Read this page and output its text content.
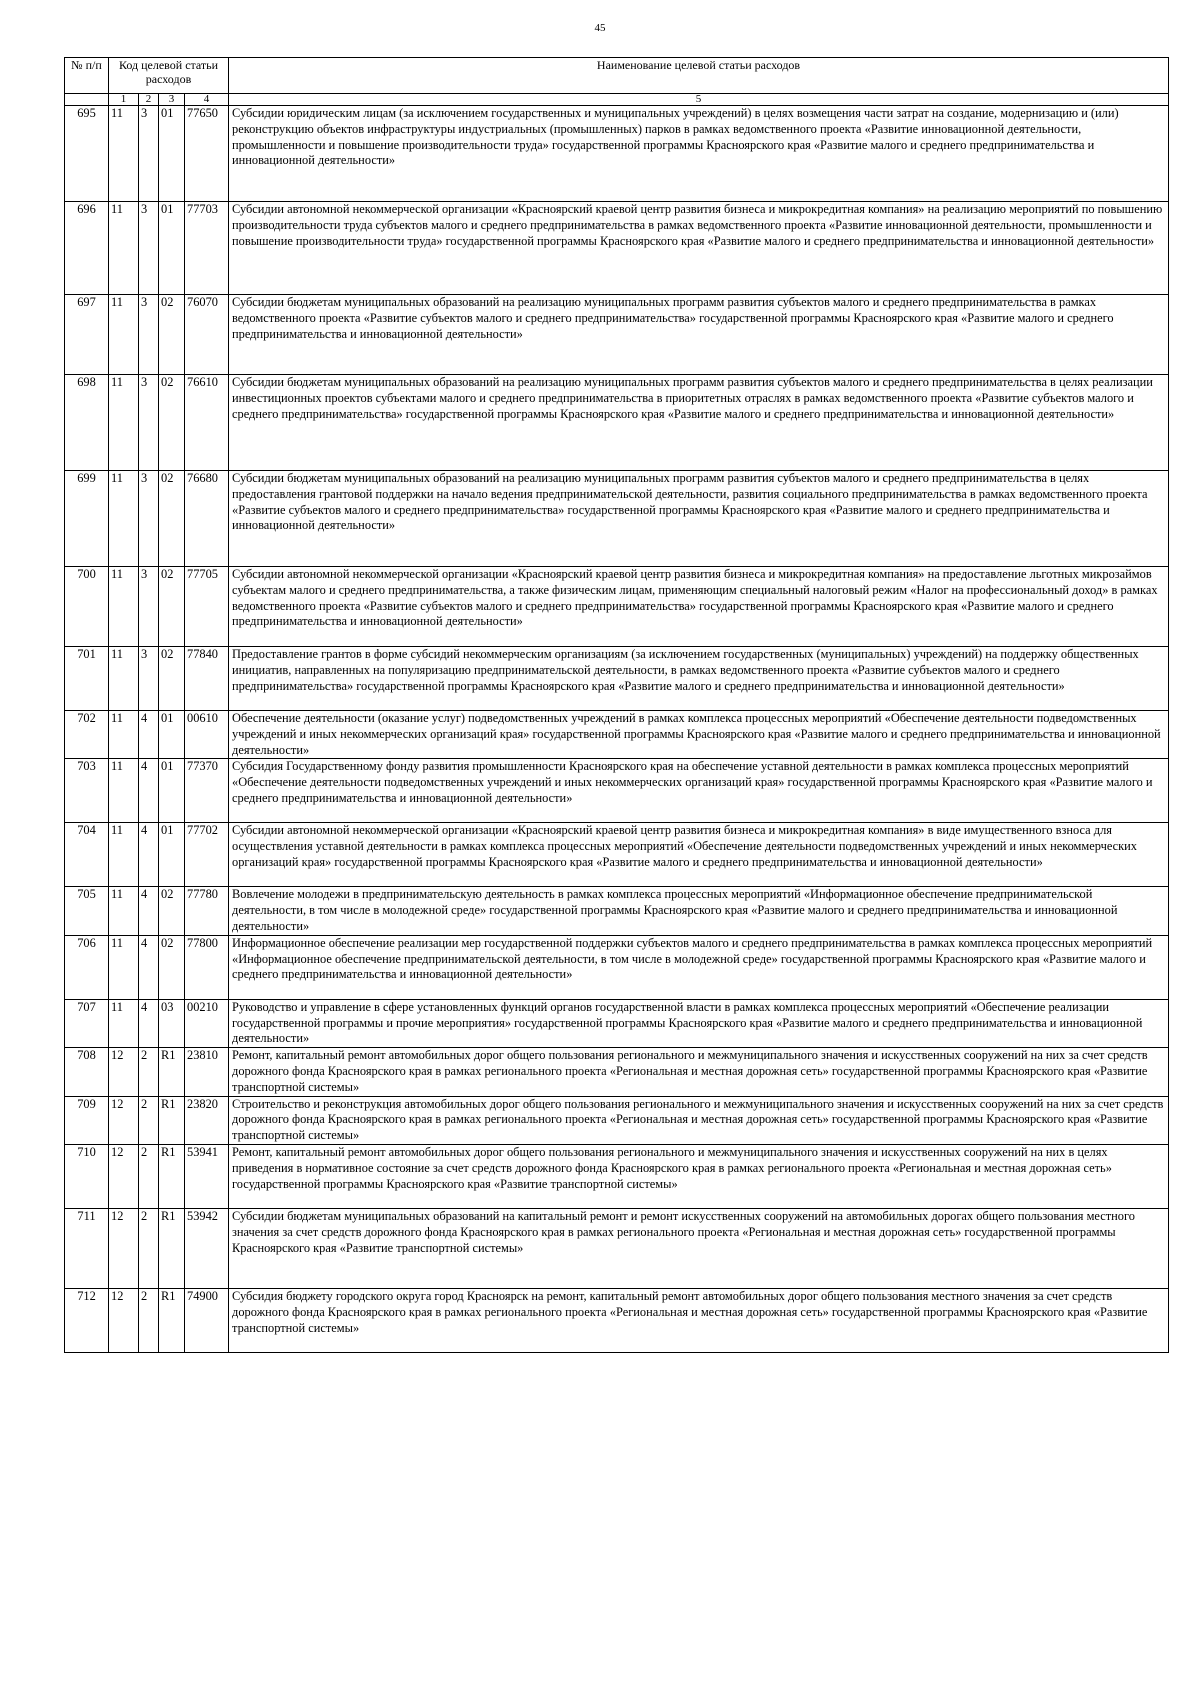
45
№ п/п	Код целевой статьи расходов				Наименование целевой статьи расходов
	1	2	3	4	5
695	11	3	01	77650	Субсидии юридическим лицам (за исключением государственных и муниципальных учреждений) в целях возмещения части затрат на создание, модернизацию и (или) реконструкцию объектов инфраструктуры индустриальных (промышленных) парков в рамках ведомственного проекта «Развитие инновационной деятельности, промышленности и повышение производительности труда» государственной программы Красноярского края «Развитие малого и среднего предпринимательства и инновационной деятельности»
696	11	3	01	77703	Субсидии автономной некоммерческой организации «Красноярский краевой центр развития бизнеса и микрокредитная компания» на реализацию мероприятий по повышению производительности труда субъектов малого и среднего предпринимательства в рамках ведомственного проекта «Развитие инновационной деятельности, промышленности и повышение производительности труда» государственной программы Красноярского края «Развитие малого и среднего предпринимательства и инновационной деятельности»
697	11	3	02	76070	Субсидии бюджетам муниципальных образований на реализацию муниципальных программ развития субъектов малого и среднего предпринимательства в рамках ведомственного проекта «Развитие субъектов малого и среднего предпринимательства» государственной программы Красноярского края «Развитие малого и среднего предпринимательства и инновационной деятельности»
698	11	3	02	76610	Субсидии бюджетам муниципальных образований на реализацию муниципальных программ развития субъектов малого и среднего предпринимательства в целях реализации инвестиционных проектов субъектами малого и среднего предпринимательства в приоритетных отраслях в рамках ведомственного проекта «Развитие субъектов малого и среднего предпринимательства» государственной программы Красноярского края «Развитие малого и среднего предпринимательства и инновационной деятельности»
699	11	3	02	76680	Субсидии бюджетам муниципальных образований на реализацию муниципальных программ развития субъектов малого и среднего предпринимательства в целях предоставления грантовой поддержки на начало ведения предпринимательской деятельности, развития социального предпринимательства в рамках ведомственного проекта «Развитие субъектов малого и среднего предпринимательства» государственной программы Красноярского края «Развитие малого и среднего предпринимательства и инновационной деятельности»
700	11	3	02	77705	Субсидии автономной некоммерческой организации «Красноярский краевой центр развития бизнеса и микрокредитная компания» на предоставление льготных микрозаймов субъектам малого и среднего предпринимательства, а также физическим лицам, применяющим специальный налоговый режим «Налог на профессиональный доход» в рамках ведомственного проекта «Развитие субъектов малого и среднего предпринимательства» государственной программы Красноярского края «Развитие малого и среднего предпринимательства и инновационной деятельности»
701	11	3	02	77840	Предоставление грантов в форме субсидий некоммерческим организациям (за исключением государственных (муниципальных) учреждений) на поддержку общественных инициатив, направленных на популяризацию предпринимательской деятельности, в рамках ведомственного проекта «Развитие субъектов малого и среднего предпринимательства» государственной программы Красноярского края «Развитие малого и среднего предпринимательства и инновационной деятельности»
702	11	4	01	00610	Обеспечение деятельности (оказание услуг) подведомственных учреждений в рамках комплекса процессных мероприятий «Обеспечение деятельности подведомственных учреждений и иных некоммерческих организаций края» государственной программы Красноярского края «Развитие малого и среднего предпринимательства и инновационной деятельности»
703	11	4	01	77370	Субсидия Государственному фонду развития промышленности Красноярского края на обеспечение уставной деятельности в рамках комплекса процессных мероприятий «Обеспечение деятельности подведомственных учреждений и иных некоммерческих организаций края» государственной программы Красноярского края «Развитие малого и среднего предпринимательства и инновационной деятельности»
704	11	4	01	77702	Субсидии автономной некоммерческой организации «Красноярский краевой центр развития бизнеса и микрокредитная компания» в виде имущественного взноса для осуществления уставной деятельности в рамках комплекса процессных мероприятий «Обеспечение деятельности подведомственных учреждений и иных некоммерческих организаций края» государственной программы Красноярского края «Развитие малого и среднего предпринимательства и инновационной деятельности»
705	11	4	02	77780	Вовлечение молодежи в предпринимательскую деятельность в рамках комплекса процессных мероприятий «Информационное обеспечение предпринимательской деятельности, в том числе в молодежной среде» государственной программы Красноярского края «Развитие малого и среднего предпринимательства и инновационной деятельности»
706	11	4	02	77800	Информационное обеспечение реализации мер государственной поддержки субъектов малого и среднего предпринимательства в рамках комплекса процессных мероприятий «Информационное обеспечение предпринимательской деятельности, в том числе в молодежной среде» государственной программы Красноярского края «Развитие малого и среднего предпринимательства и инновационной деятельности»
707	11	4	03	00210	Руководство и управление в сфере установленных функций органов государственной власти в рамках комплекса процессных мероприятий «Обеспечение реализации государственной программы и прочие мероприятия» государственной программы Красноярского края «Развитие малого и среднего предпринимательства и инновационной деятельности»
708	12	2	R1	23810	Ремонт, капитальный ремонт автомобильных дорог общего пользования регионального и межмуниципального значения и искусственных сооружений на них за счет средств дорожного фонда Красноярского края в рамках регионального проекта «Региональная и местная дорожная сеть» государственной программы Красноярского края «Развитие транспортной системы»
709	12	2	R1	23820	Строительство и реконструкция автомобильных дорог общего пользования регионального и межмуниципального значения и искусственных сооружений на них за счет средств дорожного фонда Красноярского края в рамках регионального проекта «Региональная и местная дорожная сеть» государственной программы Красноярского края «Развитие транспортной системы»
710	12	2	R1	53941	Ремонт, капитальный ремонт автомобильных дорог общего пользования регионального и межмуниципального значения и искусственных сооружений на них в целях приведения в нормативное состояние за счет средств дорожного фонда Красноярского края в рамках регионального проекта «Региональная и местная дорожная сеть» государственной программы Красноярского края «Развитие транспортной системы»
711	12	2	R1	53942	Субсидии бюджетам муниципальных образований на капитальный ремонт и ремонт искусственных сооружений на автомобильных дорогах общего пользования местного значения за счет средств дорожного фонда Красноярского края в рамках регионального проекта «Региональная и местная дорожная сеть» государственной программы Красноярского края «Развитие транспортной системы»
712	12	2	R1	74900	Субсидия бюджету городского округа город Красноярск на ремонт, капитальный ремонт автомобильных дорог общего пользования местного значения за счет средств дорожного фонда Красноярского края в рамках регионального проекта «Региональная и местная дорожная сеть» государственной программы Красноярского края «Развитие транспортной системы»
